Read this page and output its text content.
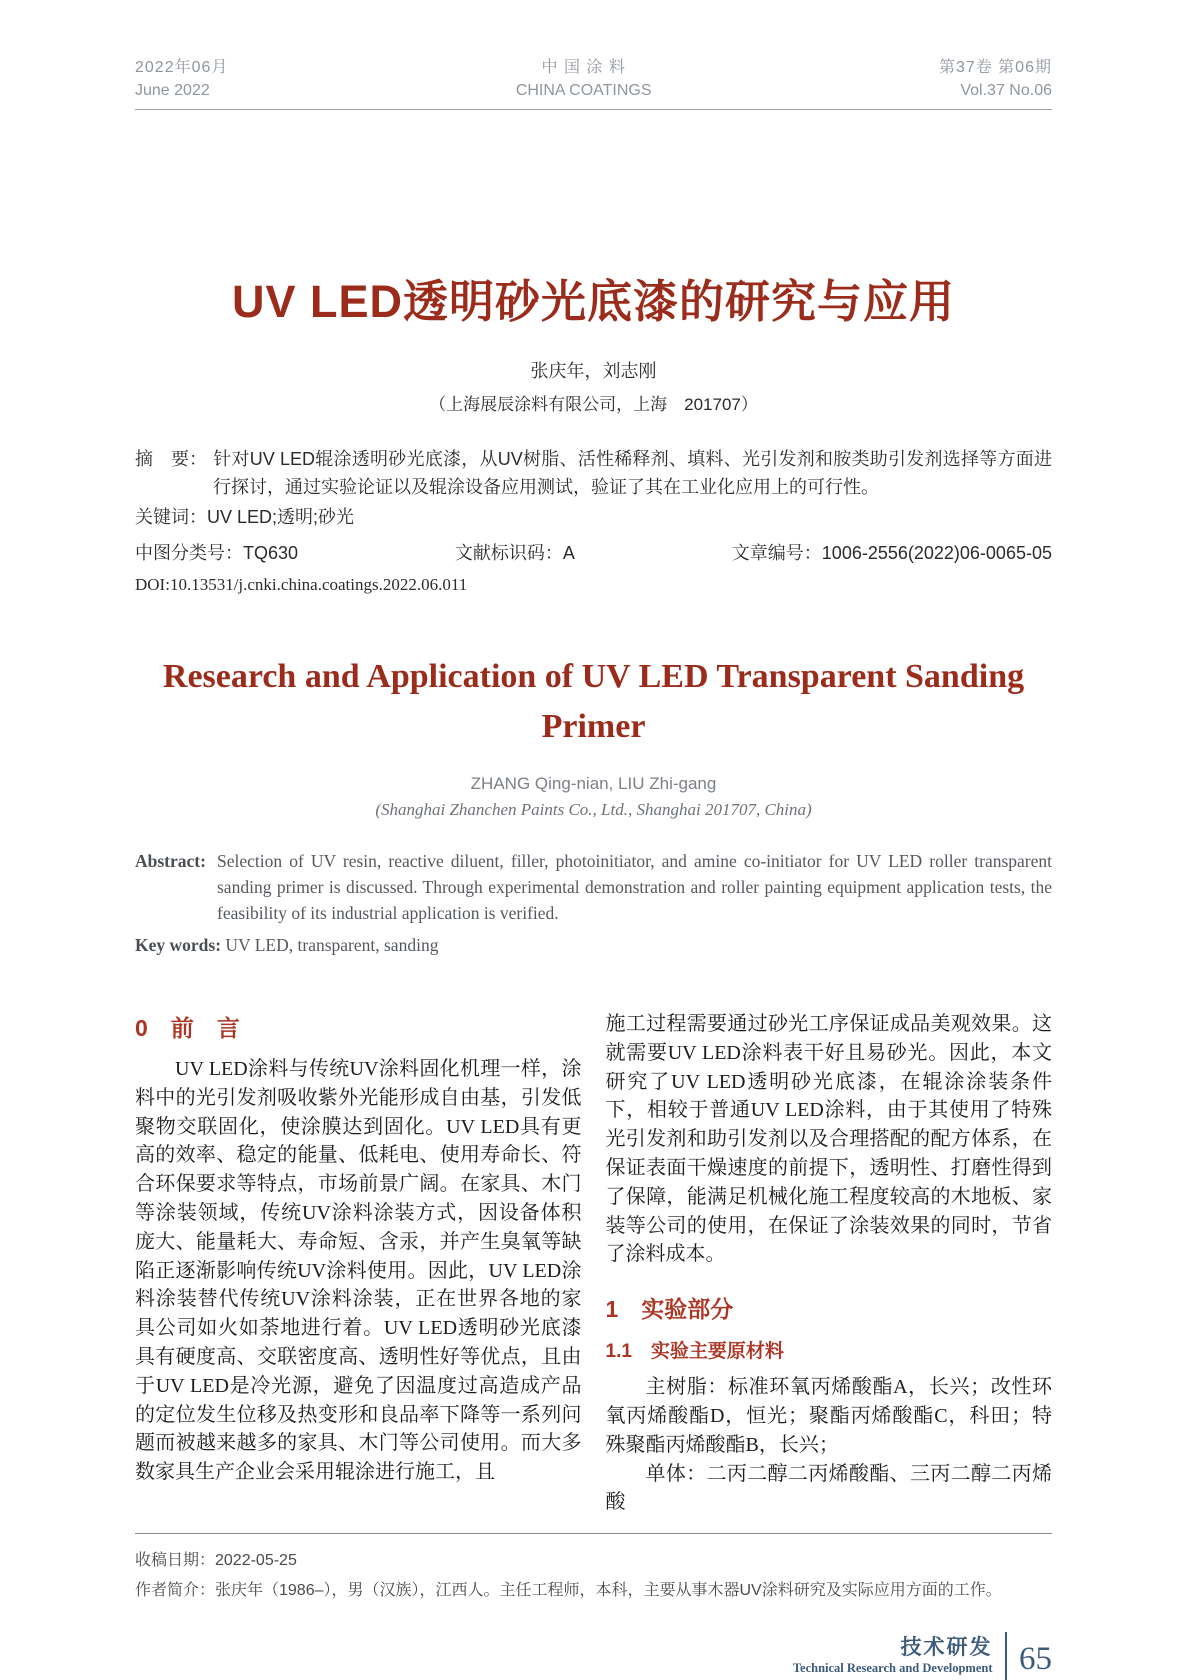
2022年06月
June 2022
中 国 涂 料
CHINA COATINGS
第37卷 第06期
Vol.37 No.06
UV LED透明砂光底漆的研究与应用
张庆年，刘志刚
（上海展辰涂料有限公司，上海　201707）

摘　要： 针对UV LED辊涂透明砂光底漆，从UV树脂、活性稀释剂、填料、光引发剂和胺类助引发剂选择等方面进行探讨，通过实验论证以及辊涂设备应用测试，验证了其在工业化应用上的可行性。

关键词：UV LED;透明;砂光

中图分类号：TQ630	文献标识码：A	文章编号：1006-2556(2022)06-0065-05
DOI:10.13531/j.cnki.china.coatings.2022.06.011
Research and Application of UV LED Transparent Sanding Primer
ZHANG Qing-nian, LIU Zhi-gang
(Shanghai Zhanchen Paints Co., Ltd., Shanghai 201707, China)

Abstract: Selection of UV resin, reactive diluent, filler, photoinitiator, and amine co-initiator for UV LED roller transparent sanding primer is discussed. Through experimental demonstration and roller painting equipment application tests, the feasibility of its industrial application is verified.

Key words: UV LED, transparent, sanding

0　前　言

UV LED涂料与传统UV涂料固化机理一样，涂料中的光引发剂吸收紫外光能形成自由基，引发低聚物交联固化，使涂膜达到固化。UV LED具有更高的效率、稳定的能量、低耗电、使用寿命长、符合环保要求等特点，市场前景广阔。在家具、木门等涂装领域，传统UV涂料涂装方式，因设备体积庞大、能量耗大、寿命短、含汞，并产生臭氧等缺陷正逐渐影响传统UV涂料使用。因此，UV LED涂料涂装替代传统UV涂料涂装，正在世界各地的家具公司如火如荼地进行着。UV LED透明砂光底漆具有硬度高、交联密度高、透明性好等优点，且由于UV LED是冷光源，避免了因温度过高造成产品的定位发生位移及热变形和良品率下降等一系列问题而被越来越多的家具、木门等公司使用。而大多数家具生产企业会采用辊涂进行施工，且

施工过程需要通过砂光工序保证成品美观效果。这就需要UV LED涂料表干好且易砂光。因此，本文研究了UV LED透明砂光底漆，在辊涂涂装条件下，相较于普通UV LED涂料，由于其使用了特殊光引发剂和助引发剂以及合理搭配的配方体系，在保证表面干燥速度的前提下，透明性、打磨性得到了保障，能满足机械化施工程度较高的木地板、家装等公司的使用，在保证了涂装效果的同时，节省了涂料成本。

1　实验部分
1.1　实验主要原材料

主树脂：标准环氧丙烯酸酯A，长兴；改性环氧丙烯酸酯D，恒光；聚酯丙烯酸酯C，科田；特殊聚酯丙烯酸酯B，长兴；

单体：二丙二醇二丙烯酸酯、三丙二醇二丙烯酸

收稿日期：2022-05-25
作者简介：张庆年（1986–），男（汉族），江西人。主任工程师，本科，主要从事木器UV涂料研究及实际应用方面的工作。
技术研发
Technical Research and Development 65
